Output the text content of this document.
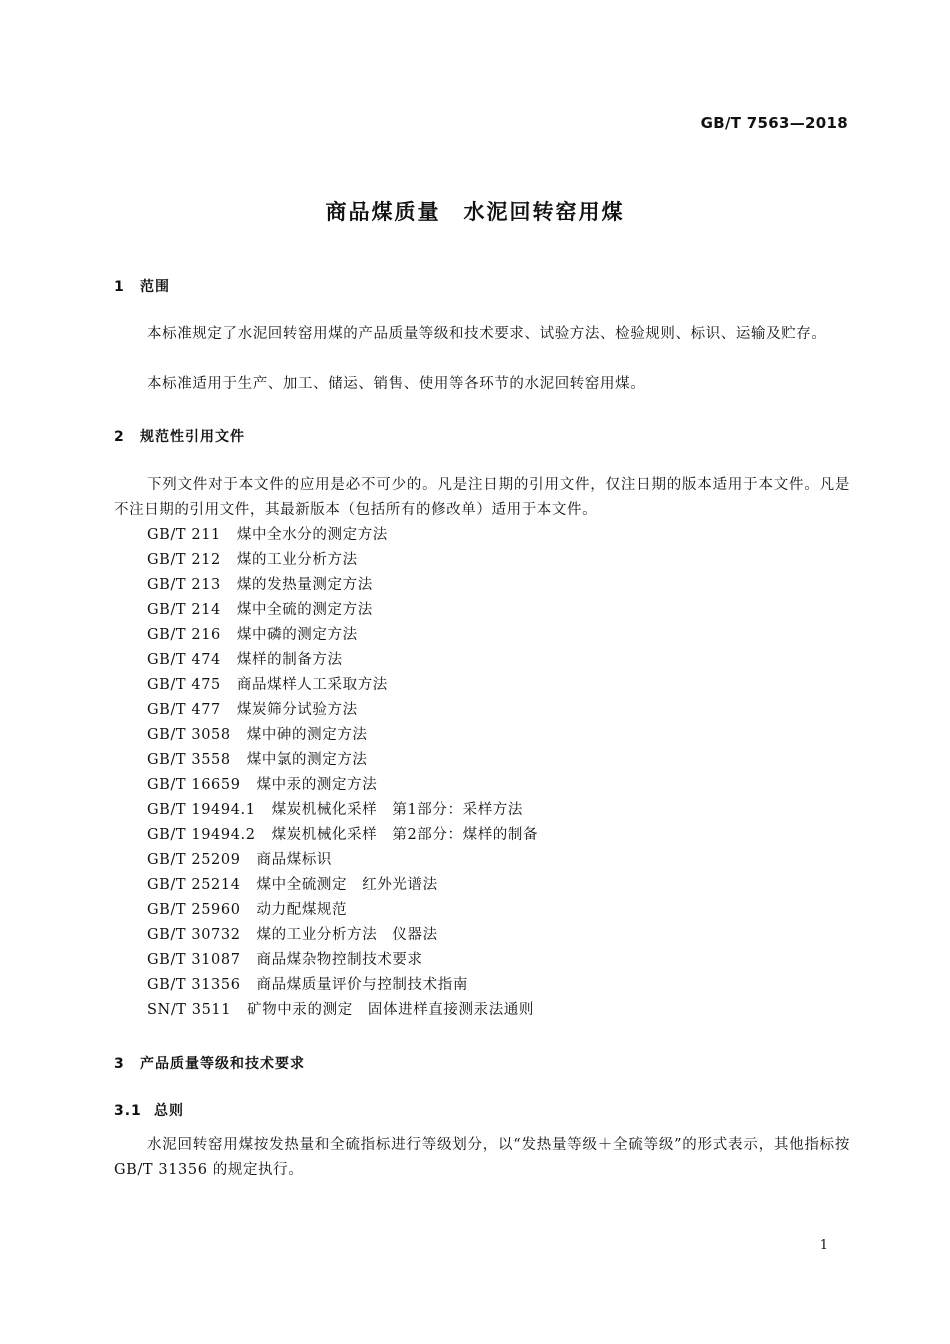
GB/T 7563—2018
商品煤质量　水泥回转窑用煤
1 范围
本标准规定了水泥回转窑用煤的产品质量等级和技术要求、试验方法、检验规则、标识、运输及贮存。
本标准适用于生产、加工、储运、销售、使用等各环节的水泥回转窑用煤。
2 规范性引用文件
下列文件对于本文件的应用是必不可少的。凡是注日期的引用文件，仅注日期的版本适用于本文件。凡是不注日期的引用文件，其最新版本（包括所有的修改单）适用于本文件。
GB/T 211 煤中全水分的测定方法
GB/T 212 煤的工业分析方法
GB/T 213 煤的发热量测定方法
GB/T 214 煤中全硫的测定方法
GB/T 216 煤中磷的测定方法
GB/T 474 煤样的制备方法
GB/T 475 商品煤样人工采取方法
GB/T 477 煤炭筛分试验方法
GB/T 3058 煤中砷的测定方法
GB/T 3558 煤中氯的测定方法
GB/T 16659 煤中汞的测定方法
GB/T 19494.1 煤炭机械化采样　第1部分：采样方法
GB/T 19494.2 煤炭机械化采样　第2部分：煤样的制备
GB/T 25209 商品煤标识
GB/T 25214 煤中全硫测定　红外光谱法
GB/T 25960 动力配煤规范
GB/T 30732 煤的工业分析方法　仪器法
GB/T 31087 商品煤杂物控制技术要求
GB/T 31356 商品煤质量评价与控制技术指南
SN/T 3511 矿物中汞的测定　固体进样直接测汞法通则
3 产品质量等级和技术要求
3.1 总则
水泥回转窑用煤按发热量和全硫指标进行等级划分，以“发热量等级＋全硫等级”的形式表示，其他指标按 GB/T 31356 的规定执行。
1
